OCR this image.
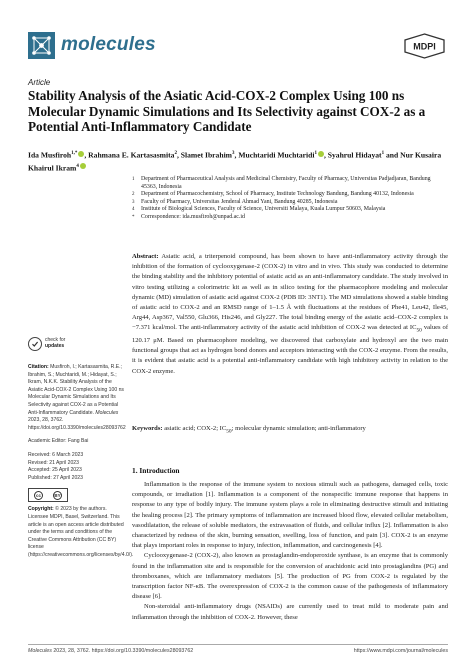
molecules	MDPI
Article
Stability Analysis of the Asiatic Acid-COX-2 Complex Using 100 ns Molecular Dynamic Simulations and Its Selectivity against COX-2 as a Potential Anti-Inflammatory Candidate
Ida Musfiroh$^{1,*}$ , Rahmana E. Kartasasmita$^2$, Slamet Ibrahim$^3$, Muchtaridi Muchtaridi$^1$ , Syahrul Hidayat$^1$ and Nur Kusaira Khairul Ikram$^4$
1 Department of Pharmaceutical Analysis and Medicinal Chemistry, Faculty of Pharmacy, Universitas Padjadjaran, Bandung 45363, Indonesia
2 Department of Pharmacochemistry, School of Pharmacy, Institute Technology Bandung, Bandung 40132, Indonesia
3 Faculty of Pharmacy, Universitas Jenderal Ahmad Yani, Bandung 40285, Indonesia
4 Institute of Biological Sciences, Faculty of Science, Universiti Malaya, Kuala Lumpur 50603, Malaysia
* Correspondence: ida.musfiroh@unpad.ac.id
check for
updates
Citation: Musfiroh, I.; Kartasasmita, R.E.; Ibrahim, S.; Muchtaridi, M.; Hidayat, S.; Ikram, N.K.K. Stability Analysis of the Asiatic Acid-COX-2 Complex Using 100 ns Molecular Dynamic Simulations and Its Selectivity against COX-2 as a Potential Anti-Inflammatory Candidate. Molecules 2023, 28, 3762. https://doi.org/10.3390/molecules28093762
Academic Editor: Fang Bai
Received: 6 March 2023
Revised: 21 April 2023
Accepted: 25 April 2023
Published: 27 April 2023
cc	BY
Copyright: © 2023 by the authors. Licensee MDPI, Basel, Switzerland. This article is an open access article distributed under the terms and conditions of the Creative Commons Attribution (CC BY) license (https://creativecommons.org/licenses/by/4.0/).
Abstract: Asiatic acid, a triterpenoid compound, has been shown to have anti-inflammatory activity through the inhibition of the formation of cyclooxygenase-2 (COX-2) in vitro and in vivo. This study was conducted to determine the binding stability and the inhibitory potential of asiatic acid as an anti-inflammatory candidate. The study involved in vitro testing utilizing a colorimetric kit as well as in silico testing for the pharmacophore modeling and molecular dynamic (MD) simulation of asiatic acid against COX-2 (PDB ID: 3NT1). The MD simulations showed a stable binding of asiatic acid to COX-2 and an RMSD range of 1–1.5 Å with fluctuations at the residues of Phe41, Leu42, Ile45, Arg44, Asp367, Val550, Glu366, His246, and Gly227. The total binding energy of the asiatic acid–COX-2 complex is −7.371 kcal/mol. The anti-inflammatory activity of the asiatic acid inhibition of COX-2 was detected at $IC_{50}$ values of 120.17 μM. Based on pharmacophore modeling, we discovered that carboxylate and hydroxyl are the two main functional groups that act as hydrogen bond donors and acceptors interacting with the COX-2 enzyme. From the results, it is evident that asiatic acid is a potential anti-inflammatory candidate with high inhibitory activity in relation to the COX-2 enzyme.
Keywords: asiatic acid; COX-2; $IC_{50}$; molecular dynamic simulation; anti-inflammatory
1. Introduction

Inflammation is the response of the immune system to noxious stimuli such as pathogens, damaged cells, toxic compounds, or irradiation [1]. Inflammation is a component of the nonspecific immune response that happens in response to any type of bodily injury. The immune system plays a role in eliminating destructive stimuli and initiating the healing process [2]. The primary symptoms of inflammation are increased blood flow, elevated cellular metabolism, vasodilatation, the release of soluble mediators, the extravasation of fluids, and cellular influx [2]. Inflammation is also characterized by redness of the skin, burning sensation, swelling, loss of function, and pain [3]. COX-2 is an enzyme that plays important roles in response to injury, infection, inflammation, and carcinogenesis [4].

Cyclooxygenase-2 (COX-2), also known as prostaglandin-endoperoxide synthase, is an enzyme that is commonly found in the inflammation site and is responsible for the conversion of arachidonic acid into prostaglandins (PG) and thromboxanes, which are inflammatory mediators [5]. The production of PG from COX-2 is regulated by the transcription factor NF-κB. The overexpression of COX-2 is the common cause of the pathogenesis of inflammatory disease [6].

Non-steroidal anti-inflammatory drugs (NSAIDs) are currently used to treat mild to moderate pain and inflammation through the inhibition of COX-2. However, these

Molecules 2023, 28, 3762. https://doi.org/10.3390/molecules28093762	https://www.mdpi.com/journal/molecules
